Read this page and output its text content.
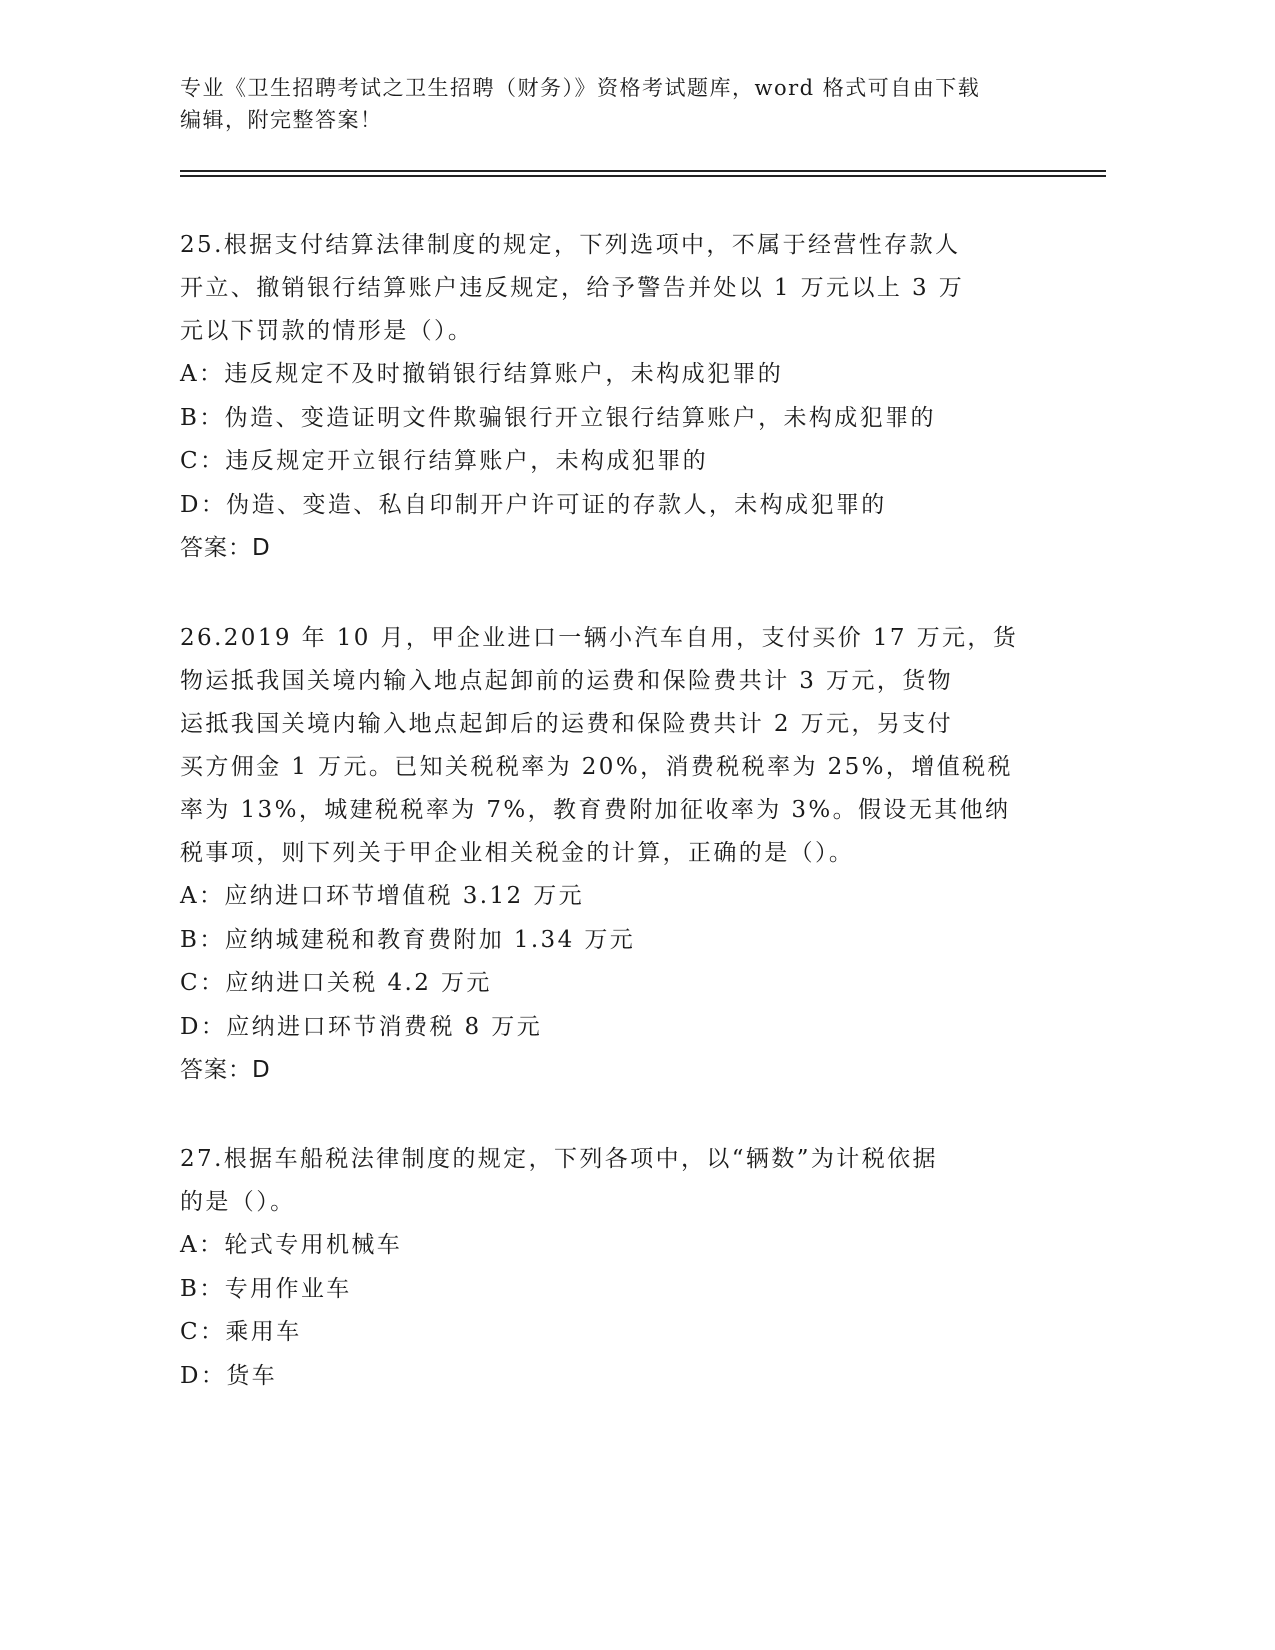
专业《卫生招聘考试之卫生招聘（财务）》资格考试题库，word 格式可自由下载
编辑，附完整答案！

25.根据支付结算法律制度的规定，下列选项中，不属于经营性存款人

开立、撤销银行结算账户违反规定，给予警告并处以 1 万元以上 3 万

元以下罚款的情形是（）。

A：违反规定不及时撤销银行结算账户，未构成犯罪的

B：伪造、变造证明文件欺骗银行开立银行结算账户，未构成犯罪的

C：违反规定开立银行结算账户，未构成犯罪的

D：伪造、变造、私自印制开户许可证的存款人，未构成犯罪的

答案：D

26.2019 年 10 月，甲企业进口一辆小汽车自用，支付买价 17 万元，货

物运抵我国关境内输入地点起卸前的运费和保险费共计 3 万元，货物

运抵我国关境内输入地点起卸后的运费和保险费共计 2 万元，另支付

买方佣金 1 万元。已知关税税率为 20%，消费税税率为 25%，增值税税

率为 13%，城建税税率为 7%，教育费附加征收率为 3%。假设无其他纳

税事项，则下列关于甲企业相关税金的计算，正确的是（）。

A：应纳进口环节增值税 3.12 万元

B：应纳城建税和教育费附加 1.34 万元

C：应纳进口关税 4.2 万元

D：应纳进口环节消费税 8 万元

答案：D

27.根据车船税法律制度的规定，下列各项中，以“辆数”为计税依据

的是（）。

A：轮式专用机械车

B：专用作业车

C：乘用车

D：货车
